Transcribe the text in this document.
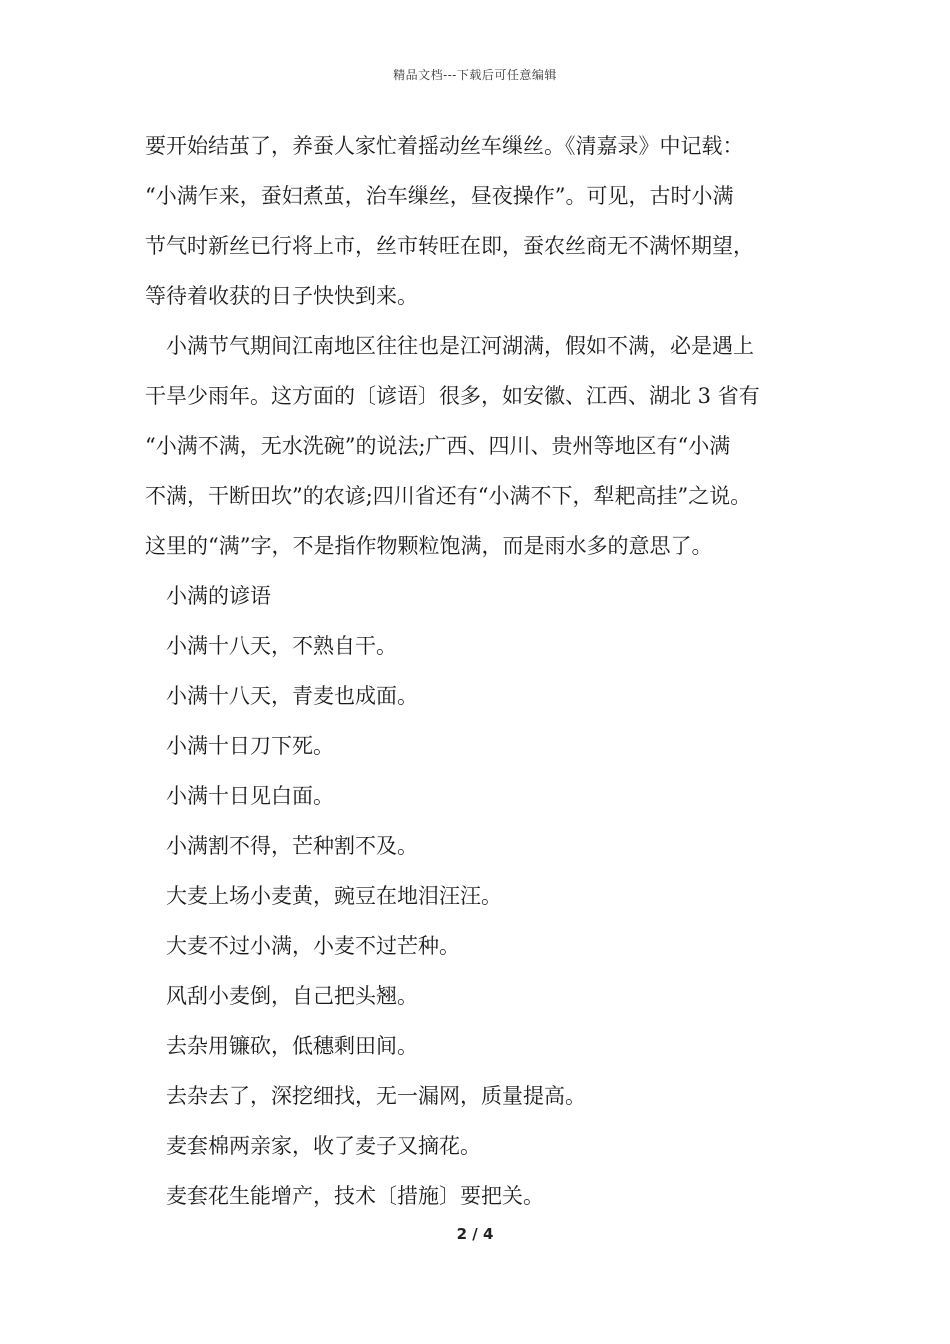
精品文档---下载后可任意编辑
要开始结茧了，养蚕人家忙着摇动丝车缫丝。《清嘉录》中记载：
“小满乍来，蚕妇煮茧，治车缫丝，昼夜操作”。可见，古时小满
节气时新丝已行将上市，丝市转旺在即，蚕农丝商无不满怀期望，
等待着收获的日子快快到来。
小满节气期间江南地区往往也是江河湖满，假如不满，必是遇上
干旱少雨年。这方面的〔谚语〕很多，如安徽、江西、湖北 3 省有
“小满不满，无水洗碗”的说法;广西、四川、贵州等地区有“小满
不满，干断田坎”的农谚;四川省还有“小满不下，犁耙高挂”之说。
这里的“满”字，不是指作物颗粒饱满，而是雨水多的意思了。
小满的谚语
小满十八天，不熟自干。
小满十八天，青麦也成面。
小满十日刀下死。
小满十日见白面。
小满割不得，芒种割不及。
大麦上场小麦黄，豌豆在地泪汪汪。
大麦不过小满，小麦不过芒种。
风刮小麦倒，自己把头翘。
去杂用镰砍，低穗剩田间。
去杂去了，深挖细找，无一漏网，质量提高。
麦套棉两亲家，收了麦子又摘花。
麦套花生能增产，技术〔措施〕要把关。
2 / 4
